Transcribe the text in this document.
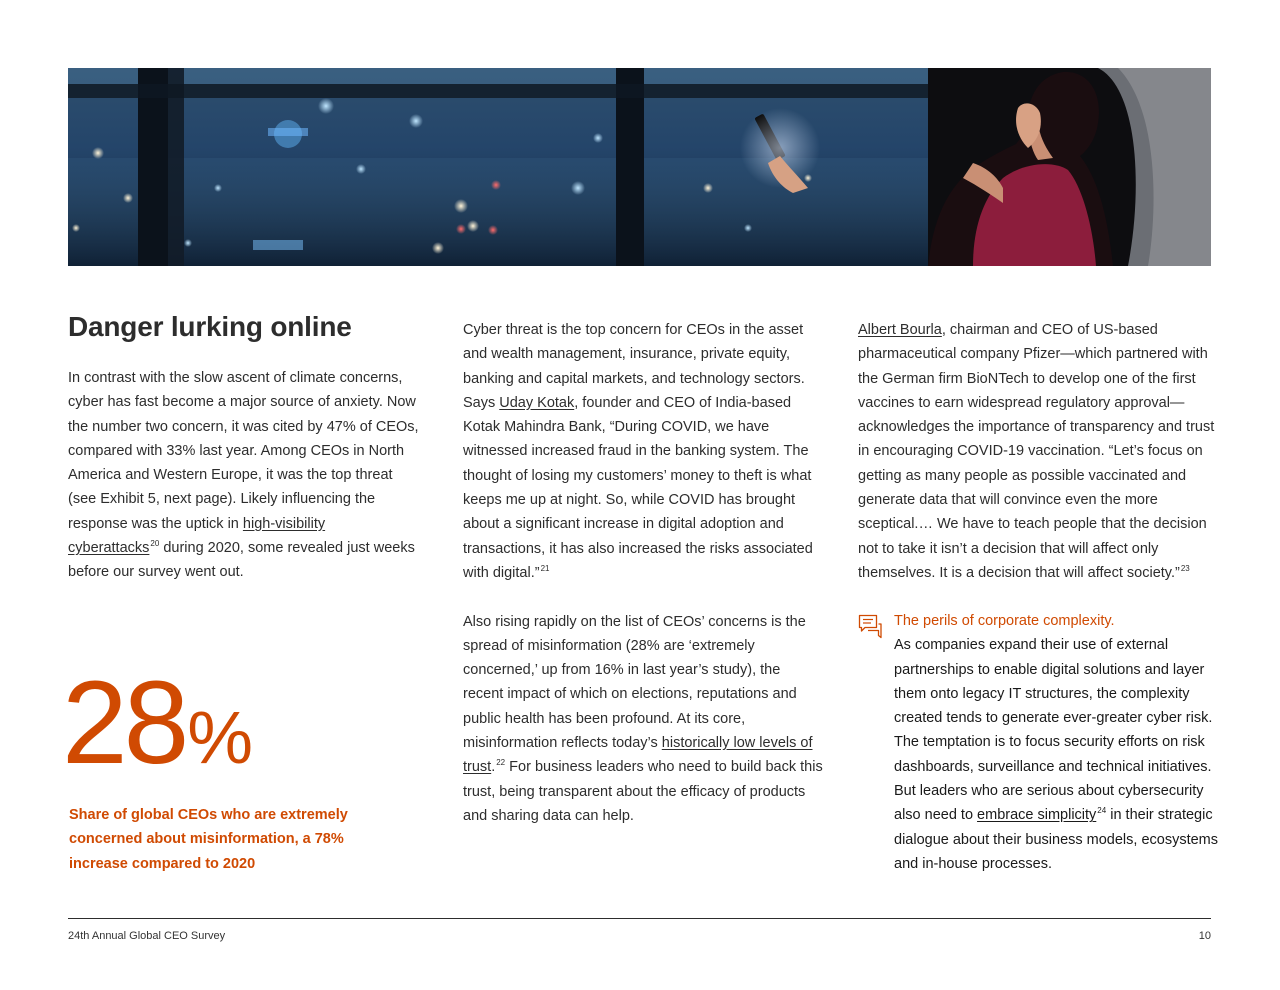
Danger lurking online

In contrast with the slow ascent of climate concerns, cyber has fast become a major source of anxiety. Now the number two concern, it was cited by 47% of CEOs, compared with 33% last year. Among CEOs in North America and Western Europe, it was the top threat (see Exhibit 5, next page). Likely influencing the response was the uptick in high-visibility cyberattacks$^{20}$ during 2020, some revealed just weeks before our survey went out.

28%
Share of global CEOs who are extremely concerned about misinformation, a 78% increase compared to 2020

Cyber threat is the top concern for CEOs in the asset and wealth management, insurance, private equity, banking and capital markets, and technology sectors. Says Uday Kotak, founder and CEO of India-based Kotak Mahindra Bank, “During COVID, we have witnessed increased fraud in the banking system. The thought of losing my customers’ money to theft is what keeps me up at night. So, while COVID has brought about a significant increase in digital adoption and transactions, it has also increased the risks associated with digital.”$^{21}$

Also rising rapidly on the list of CEOs’ concerns is the spread of misinformation (28% are ‘extremely concerned,’ up from 16% in last year’s study), the recent impact of which on elections, reputations and public health has been profound. At its core, misinformation reflects today’s historically low levels of trust.$^{22}$ For business leaders who need to build back this trust, being transparent about the efficacy of products and sharing data can help.

Albert Bourla, chairman and CEO of US-based pharmaceutical company Pfizer—which partnered with the German firm BioNTech to develop one of the first vaccines to earn widespread regulatory approval—acknowledges the importance of transparency and trust in encouraging COVID-19 vaccination. “Let’s focus on getting as many people as possible vaccinated and generate data that will convince even the more sceptical.… We have to teach people that the decision not to take it isn’t a decision that will affect only themselves. It is a decision that will affect society.”$^{23}$

The perils of corporate complexity.
As companies expand their use of external partnerships to enable digital solutions and layer them onto legacy IT structures, the complexity created tends to generate ever-greater cyber risk. The temptation is to focus security efforts on risk dashboards, surveillance and technical initiatives. But leaders who are serious about cybersecurity also need to embrace simplicity$^{24}$ in their strategic dialogue about their business models, ecosystems and in-house processes.
24th Annual Global CEO Survey	10
